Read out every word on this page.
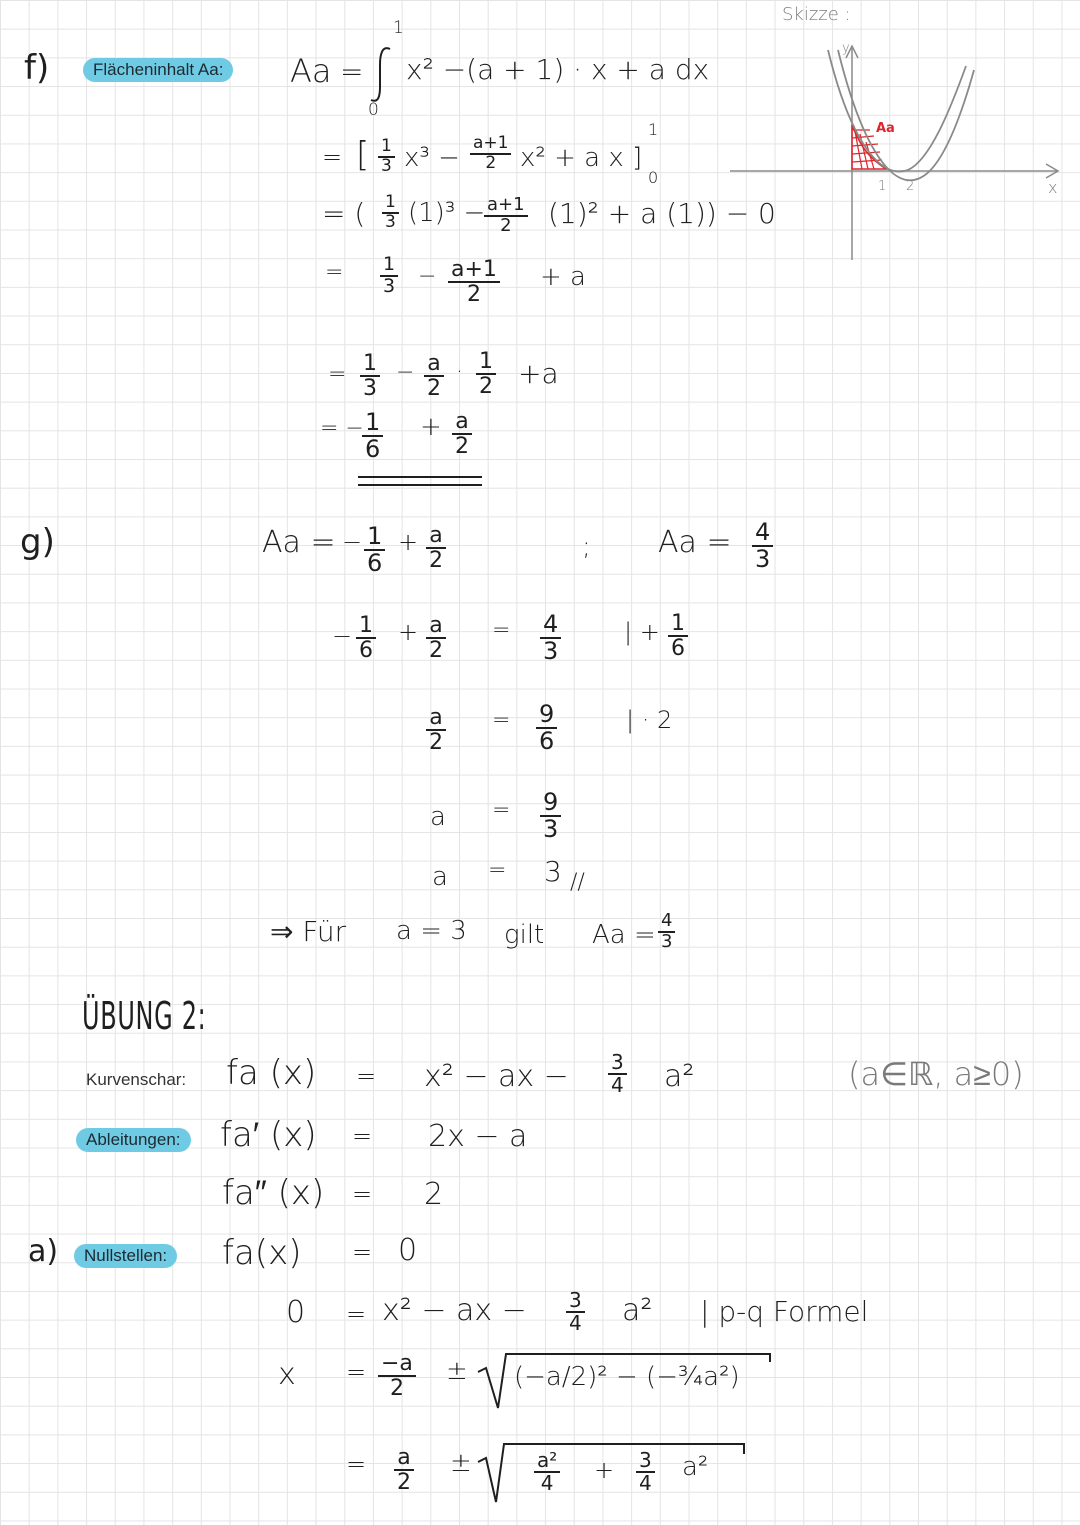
f)	Flächeninhalt Aa:	Aa =
1
0
x² −(a + 1) · x + a dx
= [ $\frac{1}{3} x^3 - \frac{a+1}{2} x^2 + a$ x ]
1
0
= ( $\frac{1}{3} (1)^3$ −
$\frac{a+1}{2} (1)^2 + a$ (1)) − 0
= $\frac{1}{3} - \frac{a+1}{2} + a$
= $\frac{1}{3} - \frac{a}{2} \cdot \frac{1}{2} +a$
= −
$\frac{1}{6} + \frac{a}{2}$
Skizze :
y
x
Aa
1 2
g)	Aa = − $\frac{1}{6} + \frac{a}{2}$	; $Aa = \frac{4}{3}$
− $\frac{1}{6} + \frac{a}{2} = \frac{4}{3}$	| + $\frac{1}{6}$
$\frac{a}{2} = \frac{9}{6}$	| · 2
$a = \frac{9}{3}$
a = 3 //
⇒ Für a = 3 gilt $Aa = \frac{4}{3}$
ÜBUNG 2:
Kurvenschar: fa (x) = x² − ax − $\frac{3}{4} a^2$	(a∈ℝ, a≥0)
Ableitungen: fa′ (x) = 2x − a
fa″ (x) = 2
a)	Nullstellen: fa(x) = 0
0 = x² − ax − $\frac{3}{4} a^2$ | p-q Formel
$x = \frac{-a}{2} \pm (-a/2)^2$ − (−¾a²)
= $\frac{a}{2}$ ±	$\frac{\text{a²}}{4} + \frac{3}{4} a^2$
